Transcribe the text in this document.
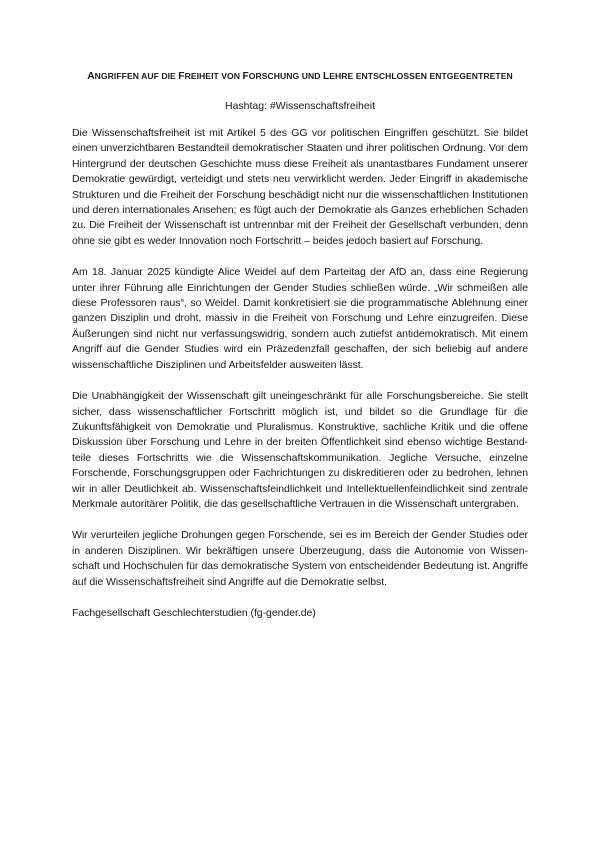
ANGRIFFEN AUF DIE FREIHEIT VON FORSCHUNG UND LEHRE ENTSCHLOSSEN ENTGEGENTRETEN

Hashtag: #Wissenschaftsfreiheit

Die Wissenschaftsfreiheit ist mit Artikel 5 des GG vor politischen Eingriffen geschützt. Sie bildet einen unverzichtbaren Bestandteil demokratischer Staaten und ihrer politischen Ordnung. Vor dem Hintergrund der deutschen Geschichte muss diese Freiheit als unantastbares Fundament unserer Demokratie gewürdigt, verteidigt und stets neu verwirklicht werden. Jeder Eingriff in akademische Strukturen und die Freiheit der Forschung beschädigt nicht nur die wissenschaftlichen Institutionen und deren internationales Ansehen; es fügt auch der Demokratie als Ganzes erheblichen Schaden zu. Die Freiheit der Wissenschaft ist untrennbar mit der Freiheit der Gesellschaft verbunden, denn ohne sie gibt es weder Innovation noch Fortschritt – beides jedoch basiert auf Forschung.

Am 18. Januar 2025 kündigte Alice Weidel auf dem Parteitag der AfD an, dass eine Regierung unter ihrer Führung alle Einrichtungen der Gender Studies schließen würde. „Wir schmeißen alle diese Professoren raus“, so Weidel. Damit konkretisiert sie die programmatische Ablehnung einer ganzen Disziplin und droht, massiv in die Freiheit von Forschung und Lehre einzugreifen. Diese Äußerungen sind nicht nur verfassungswidrig, sondern auch zutiefst antidemokratisch. Mit einem Angriff auf die Gender Studies wird ein Präzedenzfall geschaffen, der sich beliebig auf andere wissenschaftliche Disziplinen und Arbeitsfelder ausweiten lässt.

Die Unabhängigkeit der Wissenschaft gilt uneingeschränkt für alle Forschungsbereiche. Sie stellt sicher, dass wissenschaftlicher Fortschritt möglich ist, und bildet so die Grundlage für die Zukunftsfähigkeit von Demokratie und Pluralismus. Konstruktive, sachliche Kritik und die offene Diskussion über Forschung und Lehre in der breiten Öffentlichkeit sind ebenso wichtige Bestandteile dieses Fortschritts wie die Wissenschaftskommunikation. Jegliche Versuche, einzelne Forschende, Forschungsgruppen oder Fachrichtungen zu diskreditieren oder zu bedrohen, lehnen wir in aller Deutlichkeit ab. Wissenschaftsfeindlichkeit und Intellektuellenfeindlichkeit sind zentrale Merkmale autoritärer Politik, die das gesellschaftliche Vertrauen in die Wissenschaft untergraben.

Wir verurteilen jegliche Drohungen gegen Forschende, sei es im Bereich der Gender Studies oder in anderen Disziplinen. Wir bekräftigen unsere Überzeugung, dass die Autonomie von Wissenschaft und Hochschulen für das demokratische System von entscheidender Bedeutung ist. Angriffe auf die Wissenschaftsfreiheit sind Angriffe auf die Demokratie selbst.

Fachgesellschaft Geschlechterstudien (fg-gender.de)
